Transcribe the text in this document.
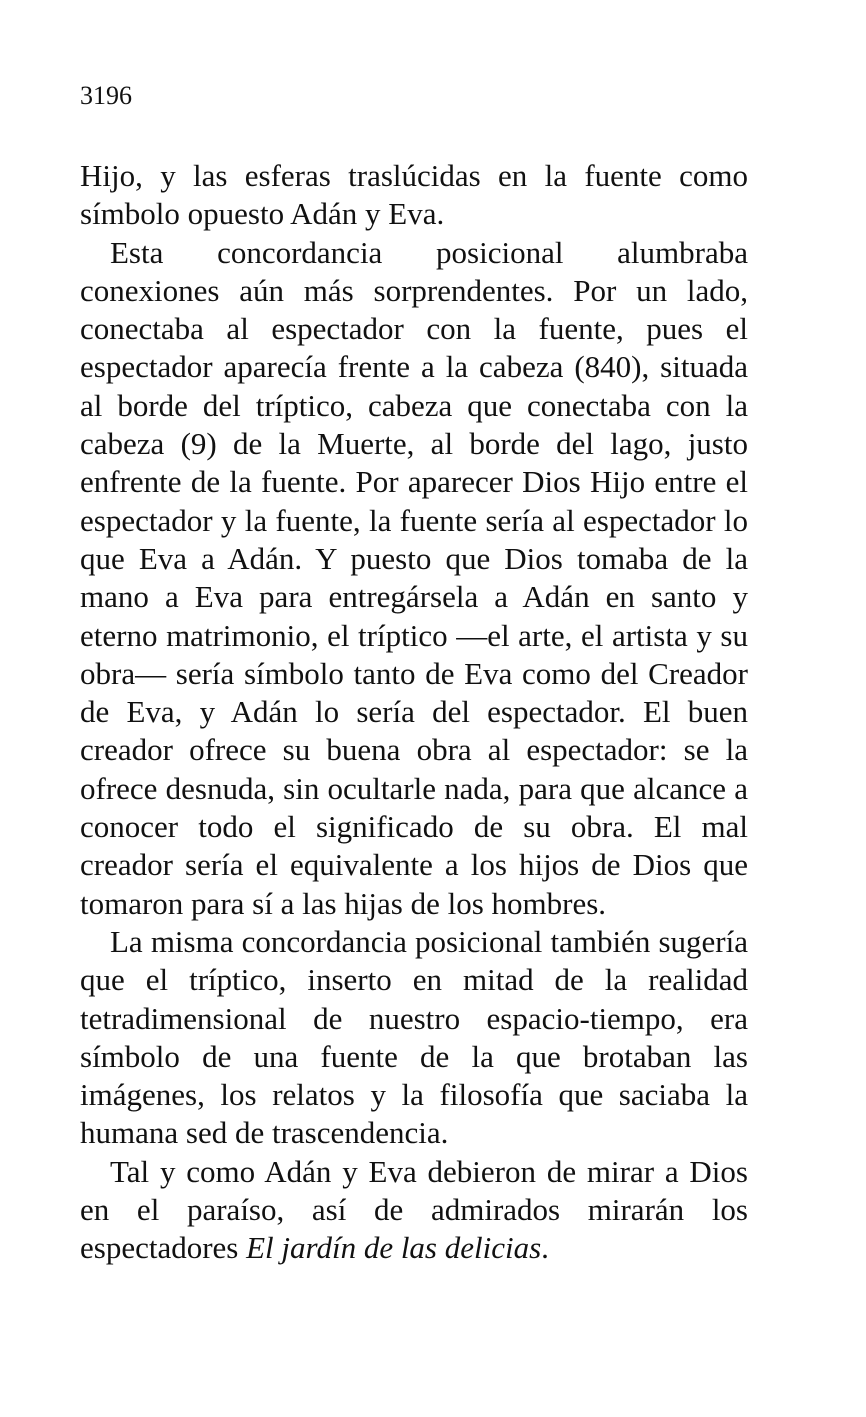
3196

Hijo, y las esferas traslúcidas en la fuente como símbolo opuesto Adán y Eva.

Esta concordancia posicional alumbraba conexiones aún más sorprendentes. Por un lado, conectaba al espectador con la fuente, pues el espectador aparecía frente a la cabeza (840), situada al borde del tríptico, cabeza que conectaba con la cabeza (9) de la Muerte, al borde del lago, justo enfrente de la fuente. Por aparecer Dios Hijo entre el espectador y la fuente, la fuente sería al espectador lo que Eva a Adán. Y puesto que Dios tomaba de la mano a Eva para entregársela a Adán en santo y eterno matrimonio, el tríptico —el arte, el artista y su obra— sería símbolo tanto de Eva como del Creador de Eva, y Adán lo sería del espectador. El buen creador ofrece su buena obra al espectador: se la ofrece desnuda, sin ocultarle nada, para que alcance a conocer todo el significado de su obra. El mal creador sería el equivalente a los hijos de Dios que tomaron para sí a las hijas de los hombres.

La misma concordancia posicional también sugería que el tríptico, inserto en mitad de la realidad tetradimensional de nuestro espacio-tiempo, era símbolo de una fuente de la que brotaban las imágenes, los relatos y la filosofía que saciaba la humana sed de trascendencia.

Tal y como Adán y Eva debieron de mirar a Dios en el paraíso, así de admirados mirarán los espectadores El jardín de las delicias.
